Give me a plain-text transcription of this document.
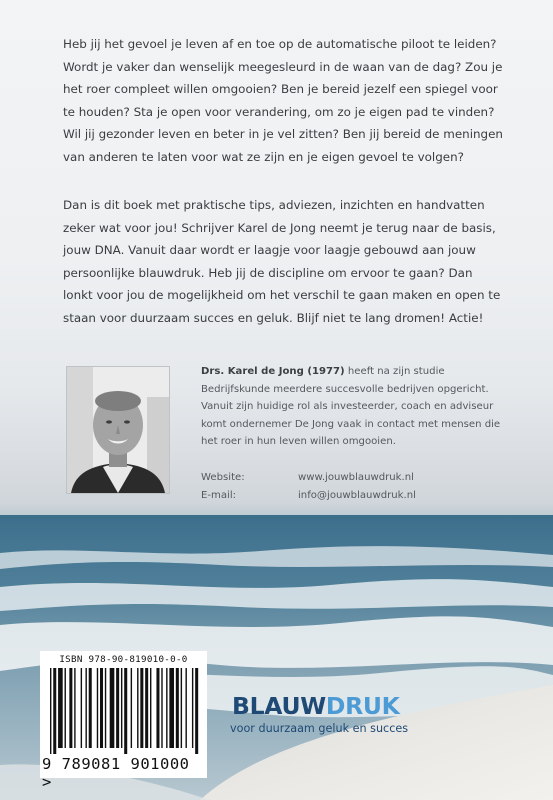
Heb jij het gevoel je leven af en toe op de automatische piloot te leiden? Wordt je vaker dan wenselijk meegesleurd in de waan van de dag? Zou je het roer compleet willen omgooien? Ben je bereid jezelf een spiegel voor te houden? Sta je open voor verandering, om zo je eigen pad te vinden? Wil jij gezonder leven en beter in je vel zitten? Ben jij bereid de meningen van anderen te laten voor wat ze zijn en je eigen gevoel te volgen?

Dan is dit boek met praktische tips, adviezen, inzichten en handvatten zeker wat voor jou! Schrijver Karel de Jong neemt je terug naar de basis, jouw DNA. Vanuit daar wordt er laagje voor laagje gebouwd aan jouw persoonlijke blauwdruk. Heb jij de discipline om ervoor te gaan? Dan lonkt voor jou de mogelijkheid om het verschil te gaan maken en open te staan voor duurzaam succes en geluk. Blijf niet te lang dromen! Actie!

Drs. Karel de Jong (1977) heeft na zijn studie Bedrijfskunde meerdere succesvolle bedrijven opgericht. Vanuit zijn huidige rol als investeerder, coach en adviseur komt ondernemer De Jong vaak in contact met mensen die het roer in hun leven willen omgooien.

Website:	www.jouwblauwdruk.nl
E-mail:	info@jouwblauwdruk.nl
ISBN 978-90-819010-0-0
9 789081 901000 >
BLAUWDRUK
voor duurzaam geluk en succes
